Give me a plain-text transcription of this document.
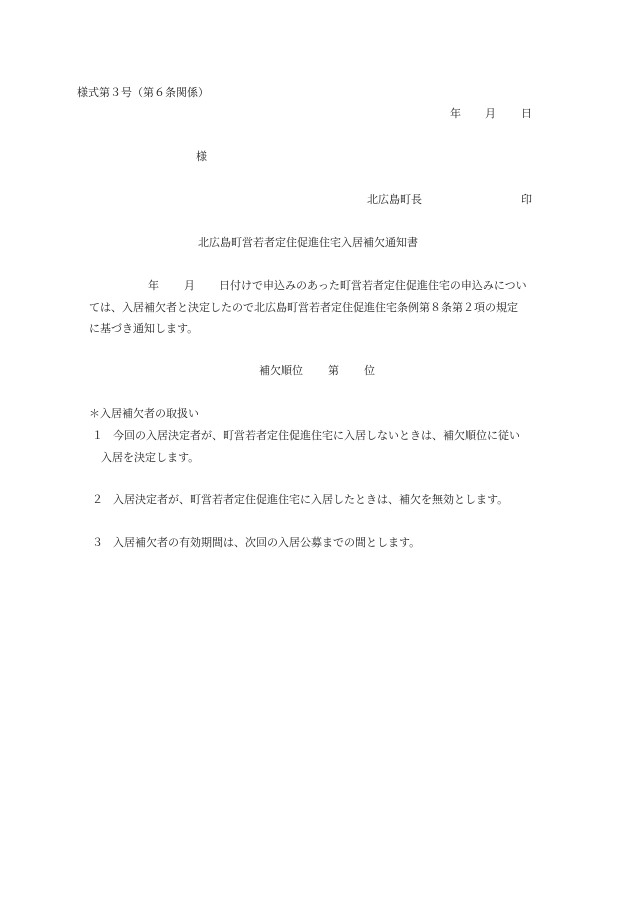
様式第３号（第６条関係）
年 月 日
様
北広島町長	印
北広島町営若者定住促進住宅入居補欠通知書
年 月 日付けで申込みのあった町営若者定住促進住宅の申込みについ
ては、入居補欠者と決定したので北広島町営若者定住促進住宅条例第８条第２項の規定
に基づき通知します。
補欠順位 第 位
＊入居補欠者の取扱い
１ 今回の入居決定者が、町営若者定住促進住宅に入居しないときは、補欠順位に従い
入居を決定します。
２ 入居決定者が、町営若者定住促進住宅に入居したときは、補欠を無効とします。
３ 入居補欠者の有効期間は、次回の入居公募までの間とします。
